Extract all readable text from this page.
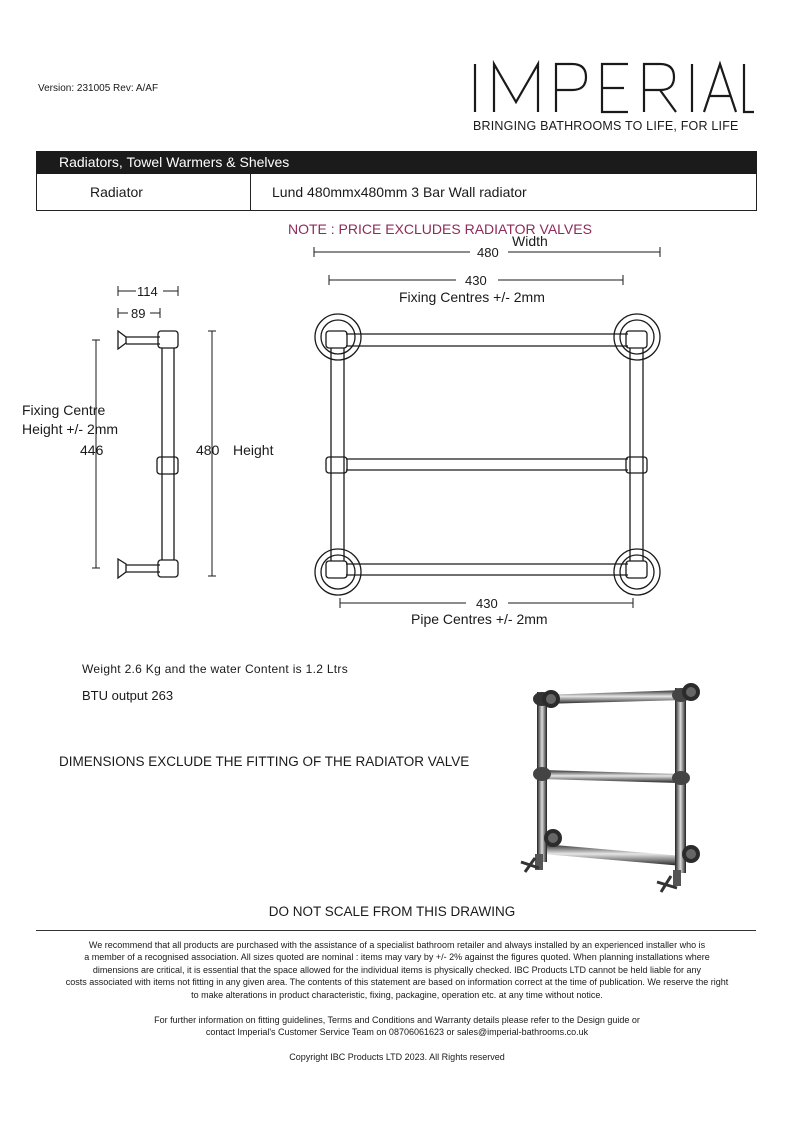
Version: 231005 Rev: A/AF
BRINGING BATHROOMS TO LIFE, FOR LIFE
Radiators, Towel Warmers & Shelves
Radiator	Lund 480mmx480mm 3 Bar Wall radiator
NOTE : PRICE EXCLUDES RADIATOR VALVES
114
89
Fixing Centre
Height +/- 2mm
446	480 Height
480
Width
430
Fixing Centres +/- 2mm
430
Pipe Centres +/- 2mm
Weight 2.6 Kg and the water Content is 1.2 Ltrs
BTU output 263
DIMENSIONS EXCLUDE THE FITTING OF THE RADIATOR VALVE
DO NOT SCALE FROM THIS DRAWING

We recommend that all products are purchased with the assistance of a specialist bathroom retailer and always installed by an experienced installer who is

a member of a recognised association. All sizes quoted are nominal : items may vary by +/- 2% against the figures quoted. When planning installations where

dimensions are critical, it is essential that the space allowed for the individual items is physically checked. IBC Products LTD cannot be held liable for any

costs associated with items not fitting in any given area. The contents of this statement are based on information correct at the time of publication. We reserve the right

to make alterations in product characteristic, fixing, packagine, operation etc. at any time without notice.

For further information on fitting guidelines, Terms and Conditions and Warranty details please refer to the Design guide or

contact Imperial's Customer Service Team on 08706061623 or sales@imperial-bathrooms.co.uk

Copyright IBC Products LTD 2023. All Rights reserved
